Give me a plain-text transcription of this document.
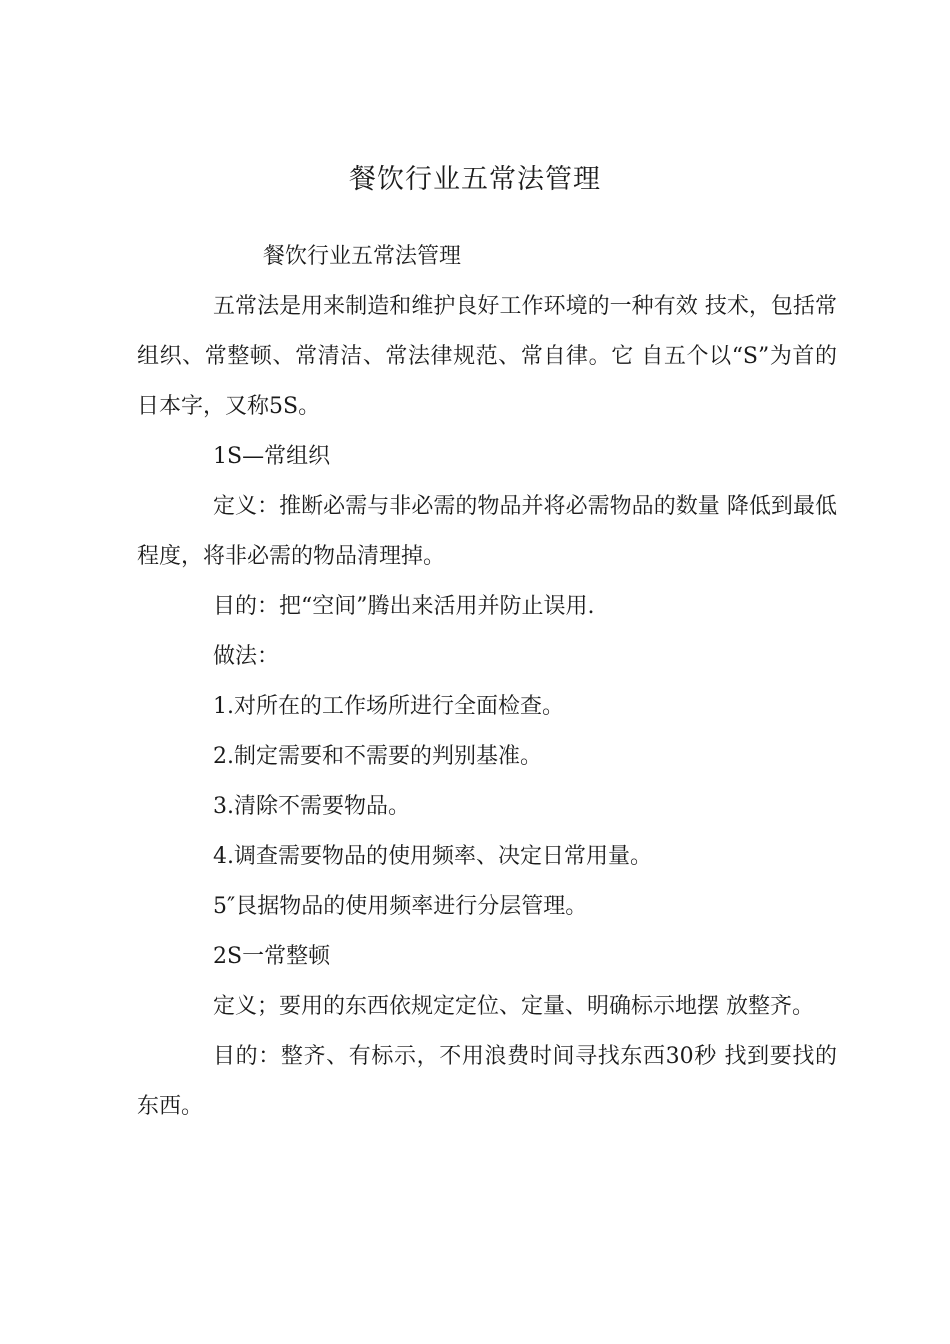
餐饮行业五常法管理

餐饮行业五常法管理

五常法是用来制造和维护良好工作环境的一种有效 技术，包括常组织、常整顿、常清洁、常法律规范、常自律。它 自五个以“S”为首的日本字，又称5S。

1S—常组织

定义：推断必需与非必需的物品并将必需物品的数量 降低到最低程度，将非必需的物品清理掉。

目的：把“空间”腾出来活用并防止误用.

做法：

1.对所在的工作场所进行全面检查。

2.制定需要和不需要的判别基准。

3.清除不需要物品。

4.调查需要物品的使用频率、决定日常用量。

5″艮据物品的使用频率进行分层管理。

2S一常整顿

定义；要用的东西依规定定位、定量、明确标示地摆 放整齐。

目的：整齐、有标示，不用浪费时间寻找东西30秒 找到要找的东西。
